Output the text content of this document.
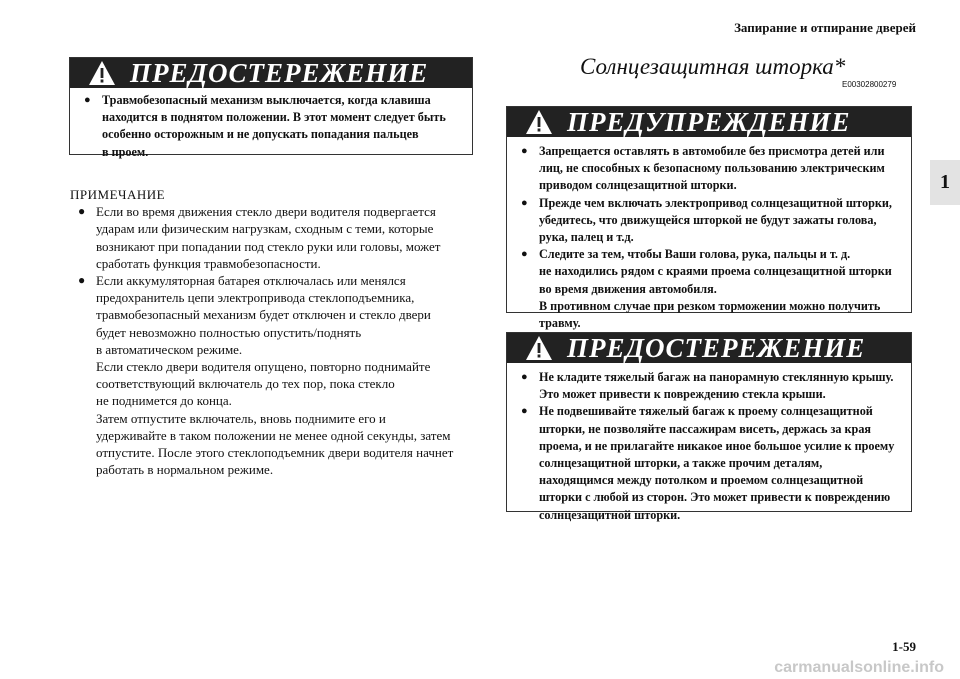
Запирание и отпирание дверей
1
ПРЕДОСТЕРЕЖЕНИЕ
● Травмобезопасный механизм выключается, когда клавиша
находится в поднятом положении. В этот момент следует быть
особенно осторожным и не допускать попадания пальцев
в проем.
ПРИМЕЧАНИЕ
● Если во время движения стекло двери водителя подвергается
ударам или физическим нагрузкам, сходным с теми, которые
возникают при попадании под стекло руки или головы, может
сработать функция травмобезопасности.
● Если аккумуляторная батарея отключалась или менялся
предохранитель цепи электропривода стеклоподъемника,
травмобезопасный механизм будет отключен и стекло двери
будет невозможно полностью опустить/поднять
в автоматическом режиме.
Если стекло двери водителя опущено, повторно поднимайте
соответствующий включатель до тех пор, пока стекло
не поднимется до конца.
Затем отпустите включатель, вновь поднимите его и
удерживайте в таком положении не менее одной секунды, затем
отпустите. После этого стеклоподъемник двери водителя начнет
работать в нормальном режиме.
Солнцезащитная шторка*
E00302800279
ПРЕДУПРЕЖДЕНИЕ
● Запрещается оставлять в автомобиле без присмотра детей или
лиц, не способных к безопасному пользованию электрическим
приводом солнцезащитной шторки.
● Прежде чем включать электропривод солнцезащитной шторки,
убедитесь, что движущейся шторкой не будут зажаты голова,
рука, палец и т.д.
● Следите за тем, чтобы Ваши голова, рука, пальцы и т. д.
не находились рядом с краями проема солнцезащитной шторки
во время движения автомобиля.
В противном случае при резком торможении можно получить
травму.
ПРЕДОСТЕРЕЖЕНИЕ
● Не кладите тяжелый багаж на панорамную стеклянную крышу.
Это может привести к повреждению стекла крыши.
● Не подвешивайте тяжелый багаж к проему солнцезащитной
шторки, не позволяйте пассажирам висеть, держась за края
проема, и не прилагайте никакое иное большое усилие к проему
солнцезащитной шторки, а также прочим деталям,
находящимся между потолком и проемом солнцезащитной
шторки с любой из сторон. Это может привести к повреждению
солнцезащитной шторки.
1-59
carmanualsonline.info
